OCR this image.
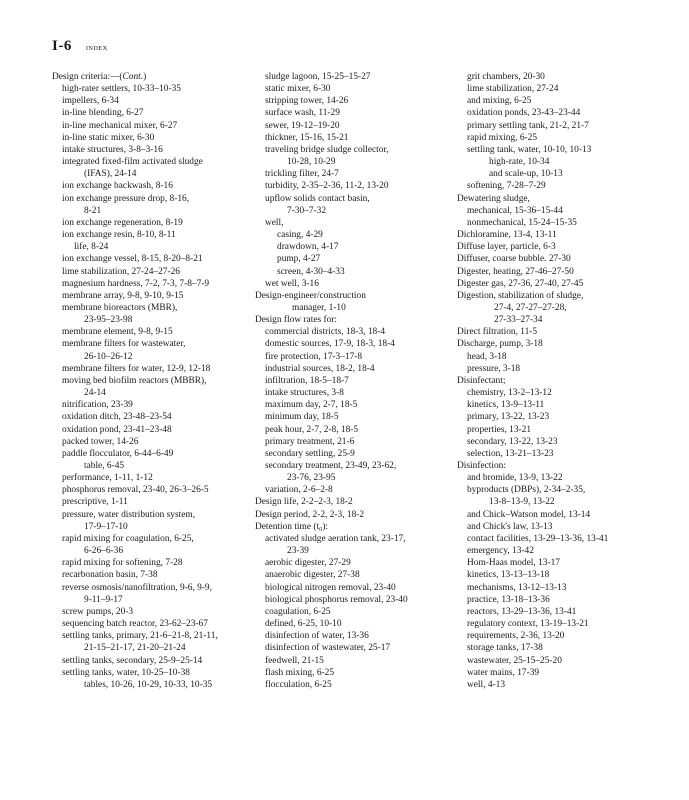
I-6 INDEX
Design criteria:—(Cont.)
high-rater settlers, 10-33–10-35
impellers, 6-34
in-line blending, 6-27
in-line mechanical mixer, 6-27
in-line static mixer, 6-30
intake structures, 3-8–3-16
integrated fixed-film activated sludge
(IFAS), 24-14
ion exchange backwash, 8-16
ion exchange pressure drop, 8-16,
8-21
ion exchange regeneration, 8-19
ion exchange resin, 8-10, 8-11
life, 8-24
ion exchange vessel, 8-15, 8-20–8-21
lime stabilization, 27-24–27-26
magnesium hardness, 7-2, 7-3, 7-8–7-9
membrane array, 9-8, 9-10, 9-15
membrane bioreactors (MBR),
23-95–23-98
membrane element, 9-8, 9-15
membrane filters for wastewater,
26-10–26-12
membrane filters for water, 12-9, 12-18
moving bed biofilm reactors (MBBR),
24-14
nitrification, 23-39
oxidation ditch, 23-48–23-54
oxidation pond, 23-41–23-48
packed tower, 14-26
paddle flocculator, 6-44–6-49
table, 6-45
performance, 1-11, 1-12
phosphorus removal, 23-40, 26-3–26-5
prescriptive, 1-11
pressure, water distribution system,
17-9–17-10
rapid mixing for coagulation, 6-25,
6-26–6-36
rapid mixing for softening, 7-28
recarbonation basin, 7-38
reverse osmosis/nanofiltration, 9-6, 9-9,
9-11–9-17
screw pumps, 20-3
sequencing batch reactor, 23-62–23-67
settling tanks, primary, 21-6–21-8, 21-11,
21-15–21-17, 21-20–21-24
settling tanks, secondary, 25-9–25-14
settling tanks, water, 10-25–10-38
tables, 10-26, 10-29, 10-33, 10-35
sludge lagoon, 15-25–15-27
static mixer, 6-30
stripping tower, 14-26
surface wash, 11-29
sewer, 19-12–19-20
thickner, 15-16, 15-21
traveling bridge sludge collector,
10-28, 10-29
trickling filter, 24-7
turbidity, 2-35–2-36, 11-2, 13-20
upflow solids contact basin,
7-30–7-32
well,
casing, 4-29
drawdown, 4-17
pump, 4-27
screen, 4-30–4-33
wet well, 3-16
Design-engineer/construction
manager, 1-10
Design flow rates for:
commercial districts, 18-3, 18-4
domestic sources, 17-9, 18-3, 18-4
fire protection, 17-3–17-8
industrial sources, 18-2, 18-4
infiltration, 18-5–18-7
intake structures, 3-8
maximum day, 2-7, 18-5
minimum day, 18-5
peak hour, 2-7, 2-8, 18-5
primary treatment, 21-6
secondary settling, 25-9
secondary treatment, 23-49, 23-62,
23-76, 23-95
variation, 2-6–2-8
Design life, 2-2–2-3, 18-2
Design period, 2-2, 2-3, 18-2
Detention time (t₀):
activated sludge aeration tank, 23-17,
23-39
aerobic digester, 27-29
anaerobic digester, 27-38
biological nitrogen removal, 23-40
biological phosphorus removal, 23-40
coagulation, 6-25
defined, 6-25, 10-10
disinfection of water, 13-36
disinfection of wastewater, 25-17
feedwell, 21-15
flash mixing, 6-25
flocculation, 6-25
grit chambers, 20-30
lime stabilization, 27-24
and mixing, 6-25
oxidation ponds, 23-43–23-44
primary settling tank, 21-2, 21-7
rapid mixing, 6-25
settling tank, water, 10-10, 10-13
high-rate, 10-34
and scale-up, 10-13
softening, 7-28–7-29
Dewatering sludge,
mechanical, 15-36–15-44
nonmechanical, 15-24–15-35
Dichloramine, 13-4, 13-11
Diffuse layer, particle, 6-3
Diffuser, coarse bubble. 27-30
Digester, heating, 27-46–27-50
Digester gas, 27-36, 27-40, 27-45
Digestion, stabilization of sludge,
27-4, 27-27–27-28,
27-33–27-34
Direct filtration, 11-5
Discharge, pump, 3-18
head, 3-18
pressure, 3-18
Disinfectant;
chemistry, 13-2–13-12
kinetics, 13-9–13-11
primary, 13-22, 13-23
properties, 13-21
secondary, 13-22, 13-23
selection, 13-21–13-23
Disinfection:
and bromide, 13-9, 13-22
byproducts (DBPs), 2-34–2-35,
13-8–13-9, 13-22
and Chick–Watson model, 13-14
and Chick's law, 13-13
contact facilities, 13-29–13-36, 13-41
emergency, 13-42
Hom-Haas model, 13-17
kinetics, 13-13–13-18
mechanisms, 13-12–13-13
practice, 13-18–13-36
reactors, 13-29–13-36, 13-41
regulatory context, 13-19–13-21
requirements, 2-36, 13-20
storage tanks, 17-38
wastewater, 25-15–25-20
water mains, 17-39
well, 4-13
